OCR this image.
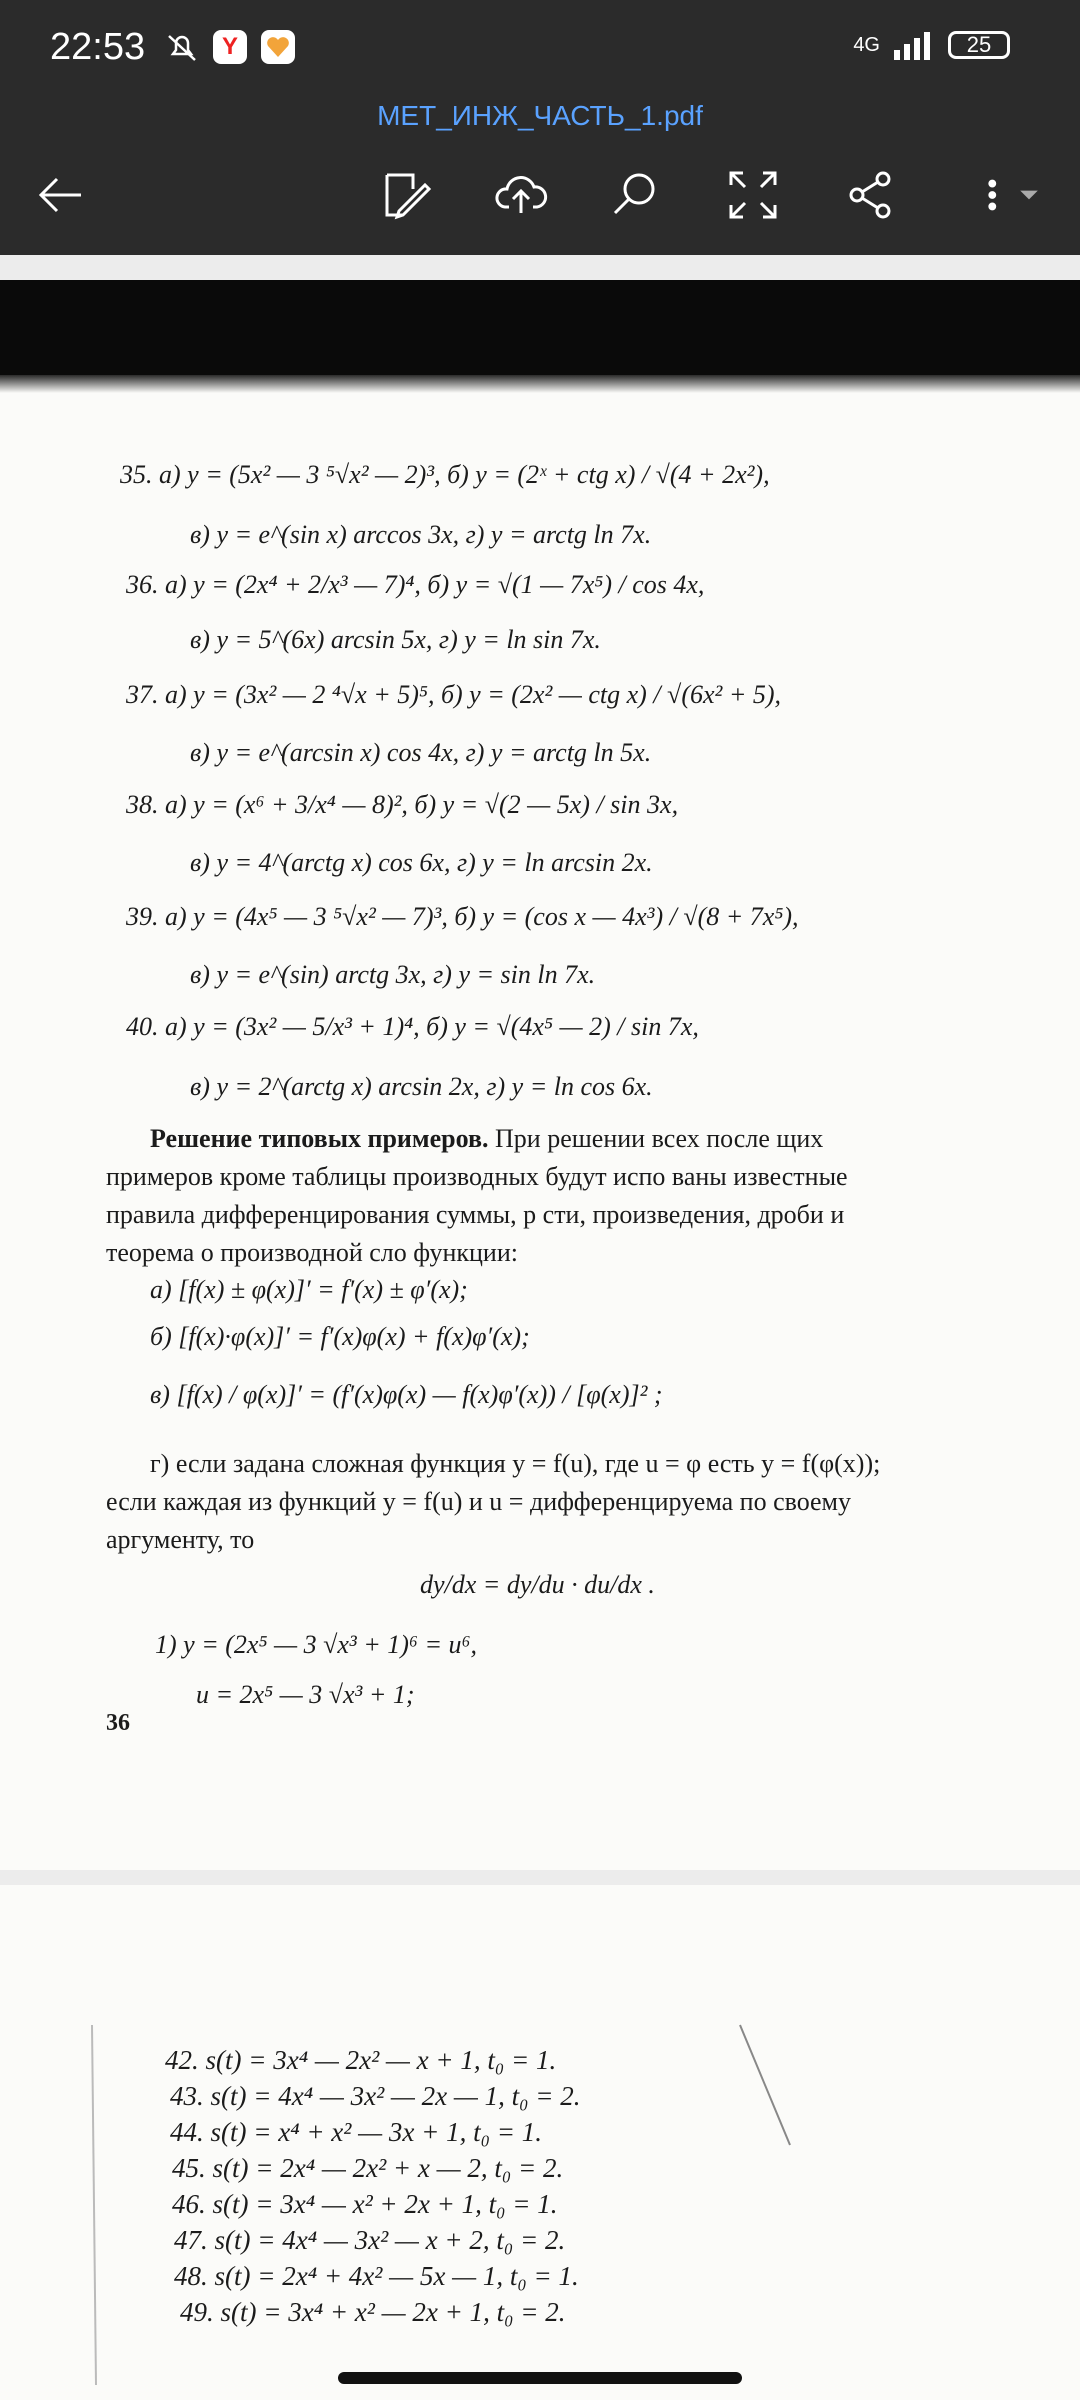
22:53	Y	4G	25
МЕТ_ИНЖ_ЧАСТЬ_1.pdf
35. а) y = (5x² — 3 ⁵√x² — 2)³, б) y = (2ˣ + ctg x) / √(4 + 2x²),
в) y = e^(sin x) arccos 3x, г) y = arctg ln 7x.
36. а) y = (2x⁴ + 2/x³ — 7)⁴, б) y = √(1 — 7x⁵) / cos 4x,
в) y = 5^(6x) arcsin 5x, г) y = ln sin 7x.
37. а) y = (3x² — 2 ⁴√x + 5)⁵, б) y = (2x² — ctg x) / √(6x² + 5),
в) y = e^(arcsin x) cos 4x, г) y = arctg ln 5x.
38. а) y = (x⁶ + 3/x⁴ — 8)², б) y = √(2 — 5x) / sin 3x,
в) y = 4^(arctg x) cos 6x, г) y = ln arcsin 2x.
39. а) y = (4x⁵ — 3 ⁵√x² — 7)³, б) y = (cos x — 4x³) / √(8 + 7x⁵),
в) y = e^(sin) arctg 3x, г) y = sin ln 7x.
40. а) y = (3x² — 5/x³ + 1)⁴, б) y = √(4x⁵ — 2) / sin 7x,
в) y = 2^(arctg x) arcsin 2x, г) y = ln cos 6x.
Решение типовых примеров. При решении всех после щих примеров кроме таблицы производных будут испо ваны известные правила дифференцирования суммы, р сти, произведения, дроби и теорема о производной сло функции:
а) [f(x) ± φ(x)]′ = f′(x) ± φ′(x);
б) [f(x)·φ(x)]′ = f′(x)φ(x) + f(x)φ′(x);
в) [f(x) / φ(x)]′ = (f′(x)φ(x) — f(x)φ′(x)) / [φ(x)]² ;
г) если задана сложная функция y = f(u), где u = φ есть y = f(φ(x)); если каждая из функций y = f(u) и u = дифференцируема по своему аргументу, то
dy/dx = dy/du · du/dx .
1) y = (2x⁵ — 3 √x³ + 1)⁶ = u⁶,
u = 2x⁵ — 3 √x³ + 1;
36
42. s(t) = 3x⁴ — 2x² — x + 1, t₀ = 1.
43. s(t) = 4x⁴ — 3x² — 2x — 1, t₀ = 2.
44. s(t) = x⁴ + x² — 3x + 1, t₀ = 1.
45. s(t) = 2x⁴ — 2x² + x — 2, t₀ = 2.
46. s(t) = 3x⁴ — x² + 2x + 1, t₀ = 1.
47. s(t) = 4x⁴ — 3x² — x + 2, t₀ = 2.
48. s(t) = 2x⁴ + 4x² — 5x — 1, t₀ = 1.
49. s(t) = 3x⁴ + x² — 2x + 1, t₀ = 2.
